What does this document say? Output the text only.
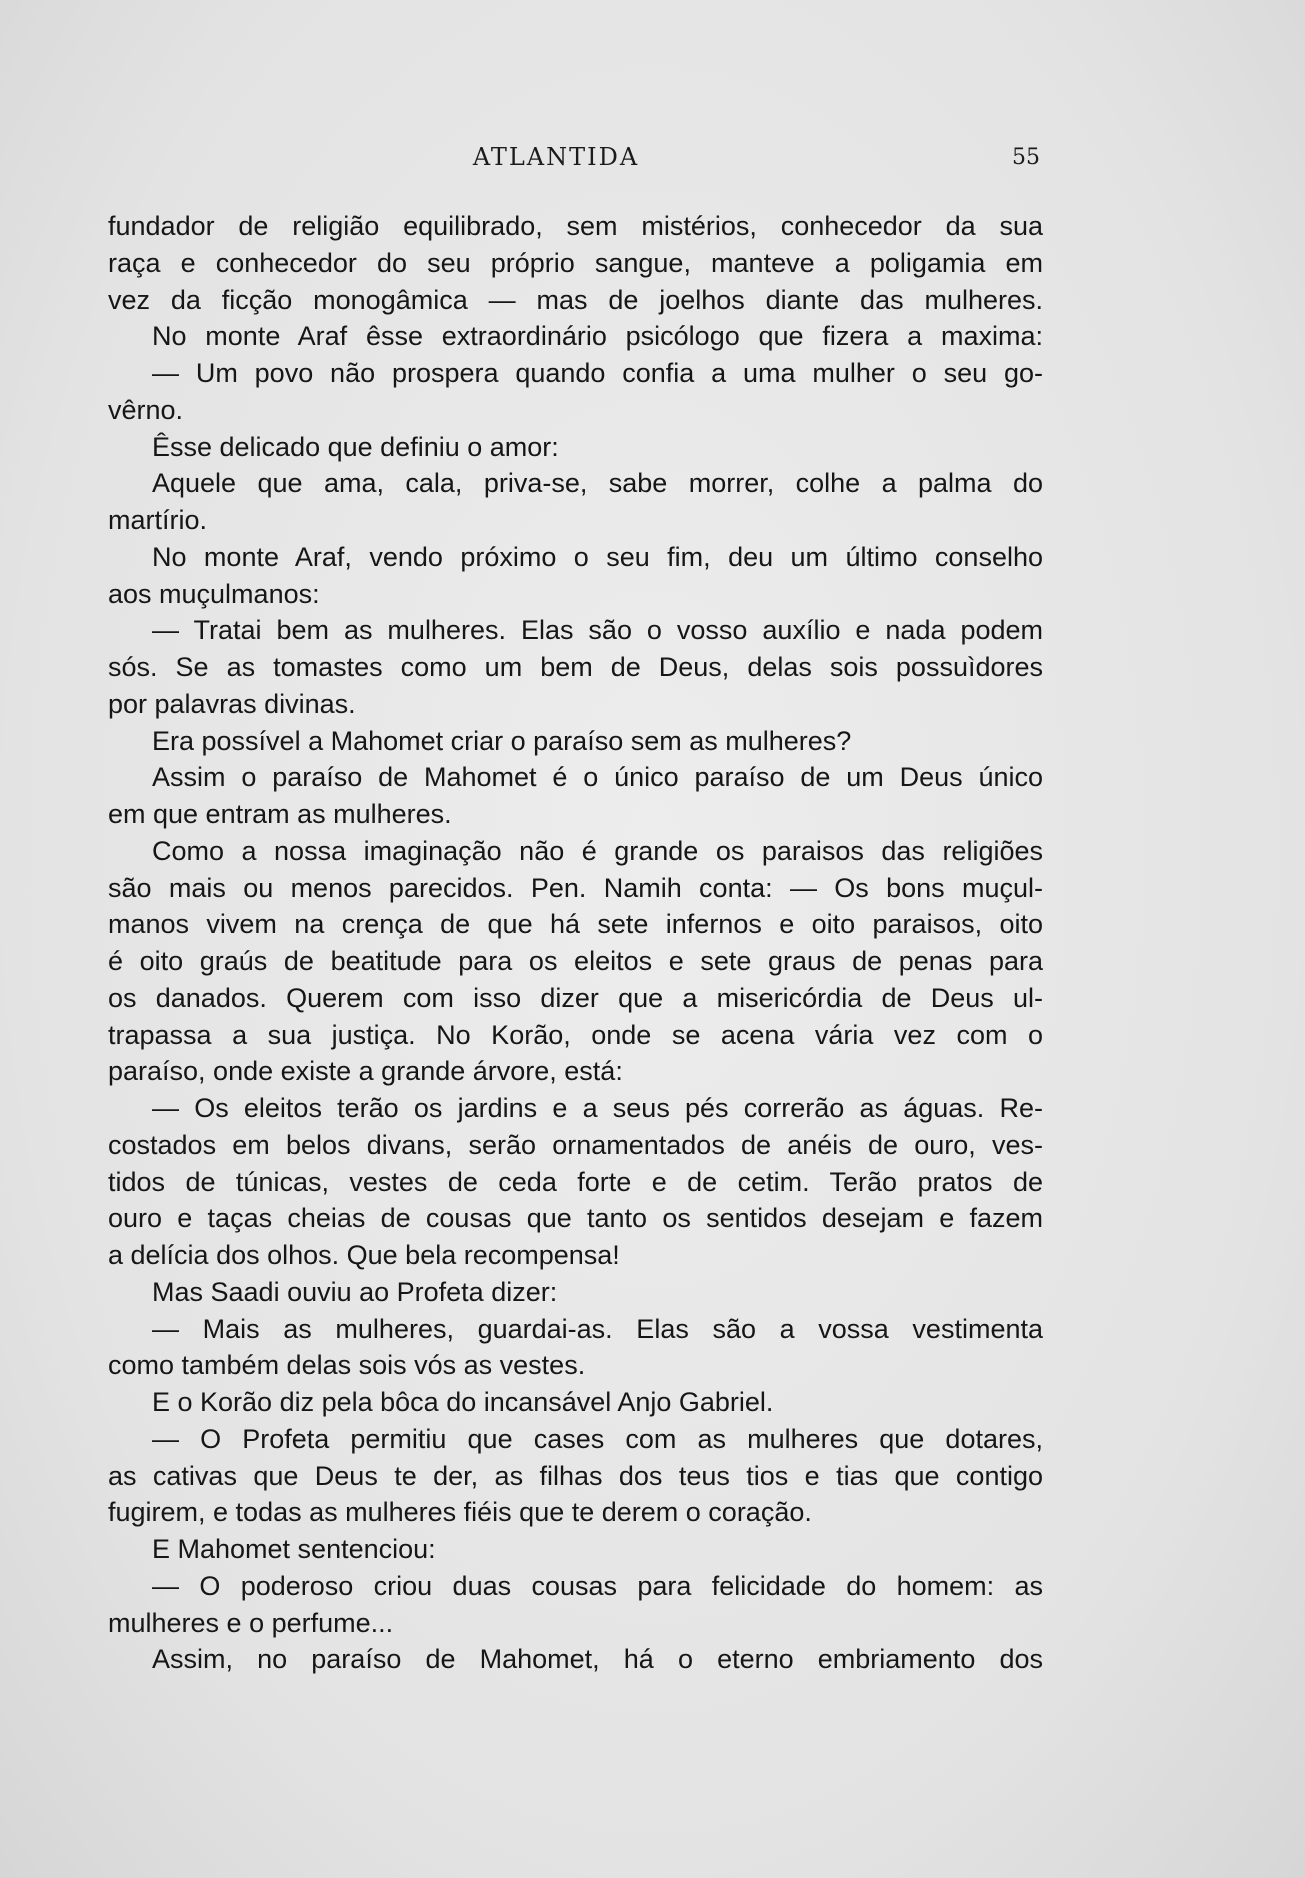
ATLANTIDA	55
fundador de religião equilibrado, sem mistérios, conhecedor da sua
raça e conhecedor do seu próprio sangue, manteve a poligamia em
vez da ficção monogâmica — mas de joelhos diante das mulheres.
No monte Araf êsse extraordinário psicólogo que fizera a maxima:
— Um povo não prospera quando confia a uma mulher o seu go-
vêrno.
Êsse delicado que definiu o amor:
Aquele que ama, cala, priva-se, sabe morrer, colhe a palma do
martírio.
No monte Araf, vendo próximo o seu fim, deu um último conselho
aos muçulmanos:
— Tratai bem as mulheres. Elas são o vosso auxílio e nada podem
sós. Se as tomastes como um bem de Deus, delas sois possuìdores
por palavras divinas.
Era possível a Mahomet criar o paraíso sem as mulheres?
Assim o paraíso de Mahomet é o único paraíso de um Deus único
em que entram as mulheres.
Como a nossa imaginação não é grande os paraisos das religiões
são mais ou menos parecidos. Pen. Namih conta: — Os bons muçul-
manos vivem na crença de que há sete infernos e oito paraisos, oito
é oito graús de beatitude para os eleitos e sete graus de penas para
os danados. Querem com isso dizer que a misericórdia de Deus ul-
trapassa a sua justiça. No Korão, onde se acena vária vez com o
paraíso, onde existe a grande árvore, está:
— Os eleitos terão os jardins e a seus pés correrão as águas. Re-
costados em belos divans, serão ornamentados de anéis de ouro, ves-
tidos de túnicas, vestes de ceda forte e de cetim. Terão pratos de
ouro e taças cheias de cousas que tanto os sentidos desejam e fazem
a delícia dos olhos. Que bela recompensa!
Mas Saadi ouviu ao Profeta dizer:
— Mais as mulheres, guardai-as. Elas são a vossa vestimenta
como também delas sois vós as vestes.
E o Korão diz pela bôca do incansável Anjo Gabriel.
— O Profeta permitiu que cases com as mulheres que dotares,
as cativas que Deus te der, as filhas dos teus tios e tias que contigo
fugirem, e todas as mulheres fiéis que te derem o coração.
E Mahomet sentenciou:
— O poderoso criou duas cousas para felicidade do homem: as
mulheres e o perfume...
Assim, no paraíso de Mahomet, há o eterno embriamento dos
